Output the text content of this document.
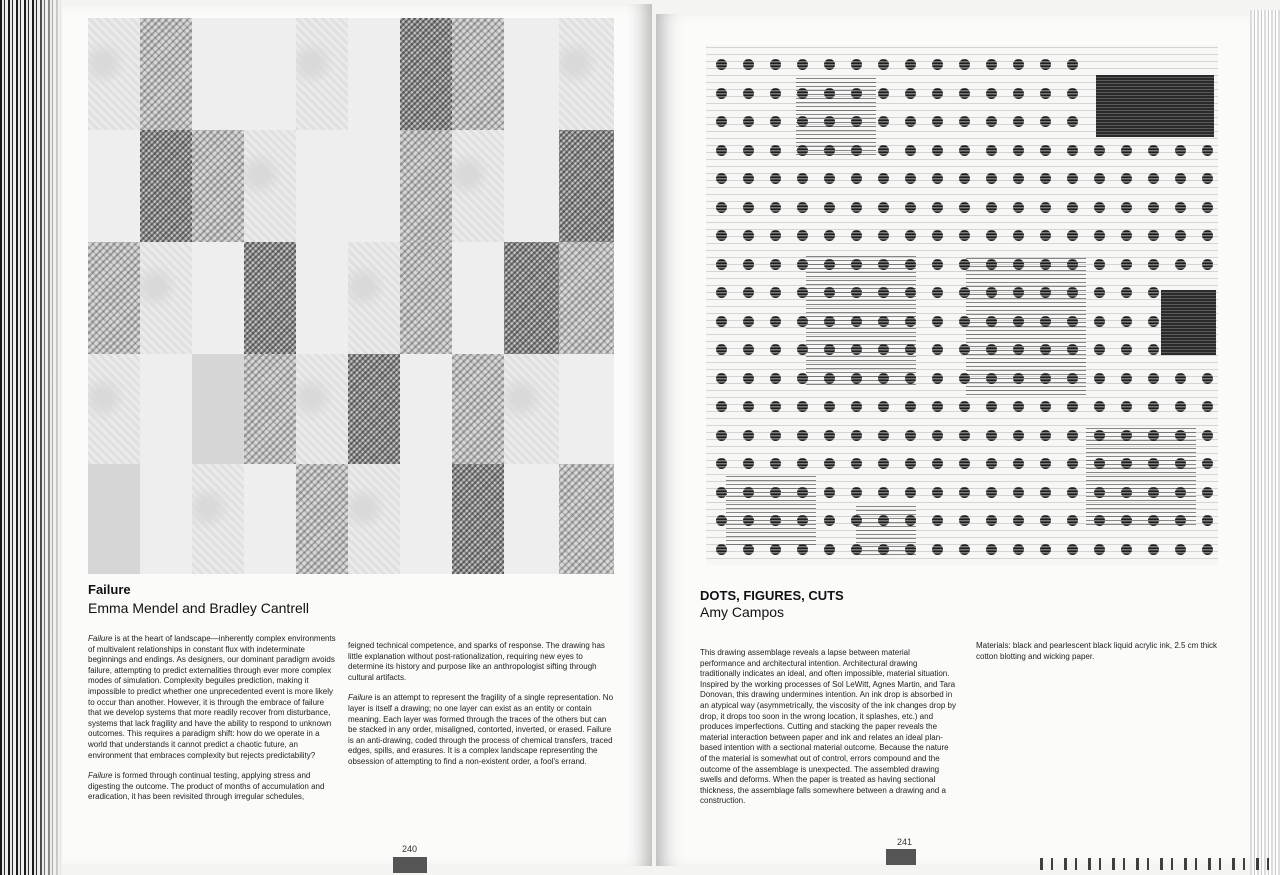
Failure
Emma Mendel and Bradley Cantrell

Failure is at the heart of landscape—inherently complex environments of multivalent relationships in constant flux with indeterminate beginnings and endings. As designers, our dominant paradigm avoids failure, attempting to predict externalities through ever more complex modes of simulation. Complexity beguiles prediction, making it impossible to predict whether one unprecedented event is more likely to occur than another. However, it is through the embrace of failure that we develop systems that more readily recover from disturbance, systems that lack fragility and have the ability to respond to unknown outcomes. This requires a paradigm shift: how do we operate in a world that understands it cannot predict a chaotic future, an environment that embraces complexity but rejects predictability?

Failure is formed through continual testing, applying stress and digesting the outcome. The product of months of accumulation and eradication, it has been revisited through irregular schedules,

feigned technical competence, and sparks of response. The drawing has little explanation without post-rationalization, requiring new eyes to determine its history and purpose like an anthropologist sifting through cultural artifacts.

Failure is an attempt to represent the fragility of a single representation. No layer is itself a drawing; no one layer can exist as an entity or contain meaning. Each layer was formed through the traces of the others but can be stacked in any order, misaligned, contorted, inverted, or erased. Failure is an anti-drawing, coded through the process of chemical transfers, traced edges, spills, and erasures. It is a complex landscape representing the obsession of attempting to find a non-existent order, a fool's errand.

240
DOTS, FIGURES, CUTS
Amy Campos

This drawing assemblage reveals a lapse between material performance and architectural intention. Architectural drawing traditionally indicates an ideal, and often impossible, material situation. Inspired by the working processes of Sol LeWitt, Agnes Martin, and Tara Donovan, this drawing undermines intention. An ink drop is absorbed in an atypical way (asymmetrically, the viscosity of the ink changes drop by drop, it drops too soon in the wrong location, it splashes, etc.) and produces imperfections. Cutting and stacking the paper reveals the material interaction between paper and ink and relates an ideal plan-based intention with a sectional material outcome. Because the nature of the material is somewhat out of control, errors compound and the outcome of the assemblage is unexpected. The assembled drawing swells and deforms. When the paper is treated as having sectional thickness, the assemblage falls somewhere between a drawing and a construction.

Materials: black and pearlescent black liquid acrylic ink, 2.5 cm thick cotton blotting and wicking paper.

241
